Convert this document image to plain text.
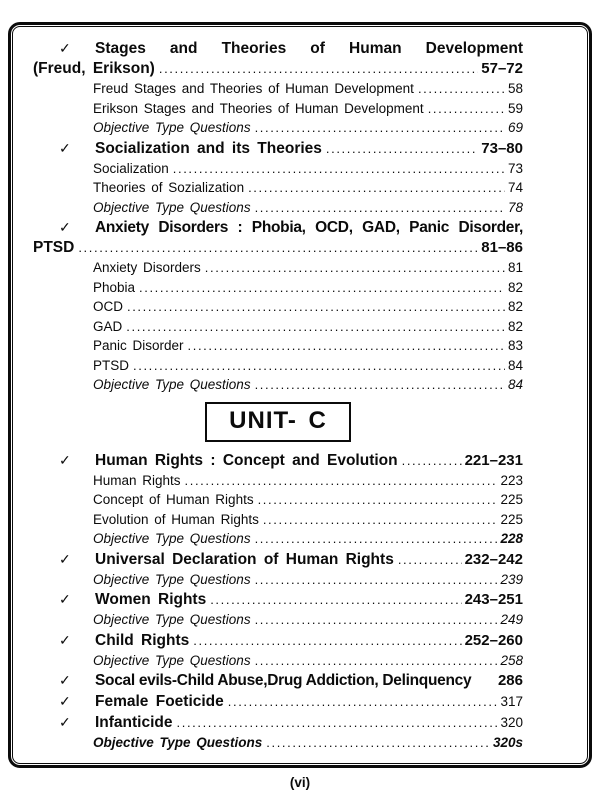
✓
Stages and Theories of Human Development
(Freud, Erikson) .....	57–72
Freud Stages and Theories of Human Development .....	58
Erikson Stages and Theories of Human Development .....	59
Objective Type Questions .....	69
✓
Socialization and its Theories .....	73–80
Socialization .....	73
Theories of Sozialization .....	74
Objective Type Questions .....	78
✓
Anxiety Disorders : Phobia, OCD, GAD, Panic Disorder,
PTSD .....	81–86
Anxiety Disorders .....	81
Phobia .....	82
OCD .....	82
GAD .....	82
Panic Disorder .....	83
PTSD .....	84
Objective Type Questions .....	84
UNIT- C
✓
Human Rights : Concept and Evolution .....	221–231
Human Rights .....	223
Concept of Human Rights .....	225
Evolution of Human Rights .....	225
Objective Type Questions .....	228
✓
Universal Declaration of Human Rights .....	232–242
Objective Type Questions .....	239
✓
Women Rights .....	243–251
Objective Type Questions .....	249
✓
Child Rights .....	252–260
Objective Type Questions .....	258
✓
Socal evils-Child Abuse,Drug Addiction, Delinquency 286
✓
Female Foeticide .....	317
✓
Infanticide .....	320
Objective Type Questions .....	320s
(vi)
